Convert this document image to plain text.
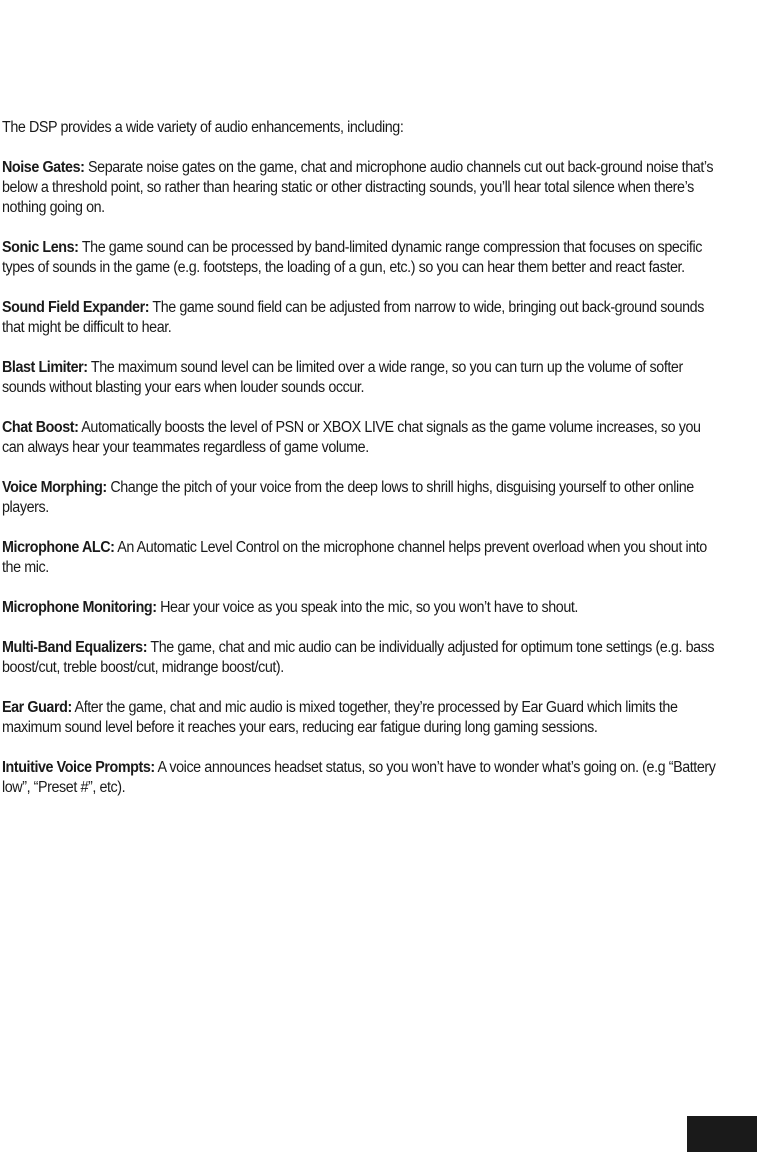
The DSP provides a wide variety of audio enhancements, including:

Noise Gates: Separate noise gates on the game, chat and microphone audio channels cut out back-ground noise that’s below a threshold point, so rather than hearing static or other distracting sounds, you’ll hear total silence when there’s nothing going on.

Sonic Lens: The game sound can be processed by band-limited dynamic range compression that focuses on specific types of sounds in the game (e.g. footsteps, the loading of a gun, etc.) so you can hear them better and react faster.

Sound Field Expander: The game sound field can be adjusted from narrow to wide, bringing out back-ground sounds that might be difficult to hear.

Blast Limiter: The maximum sound level can be limited over a wide range, so you can turn up the volume of softer sounds without blasting your ears when louder sounds occur.

Chat Boost: Automatically boosts the level of PSN or XBOX LIVE chat signals as the game volume increases, so you can always hear your teammates regardless of game volume.

Voice Morphing: Change the pitch of your voice from the deep lows to shrill highs, disguising yourself to other online players.

Microphone ALC: An Automatic Level Control on the microphone channel helps prevent overload when you shout into the mic.

Microphone Monitoring: Hear your voice as you speak into the mic, so you won’t have to shout.

Multi-Band Equalizers: The game, chat and mic audio can be individually adjusted for optimum tone settings (e.g. bass boost/cut, treble boost/cut, midrange boost/cut).

Ear Guard: After the game, chat and mic audio is mixed together, they’re processed by Ear Guard which limits the maximum sound level before it reaches your ears, reducing ear fatigue during long gaming sessions.

Intuitive Voice Prompts: A voice announces headset status, so you won’t have to wonder what’s going on. (e.g “Battery low”, “Preset #”, etc).
